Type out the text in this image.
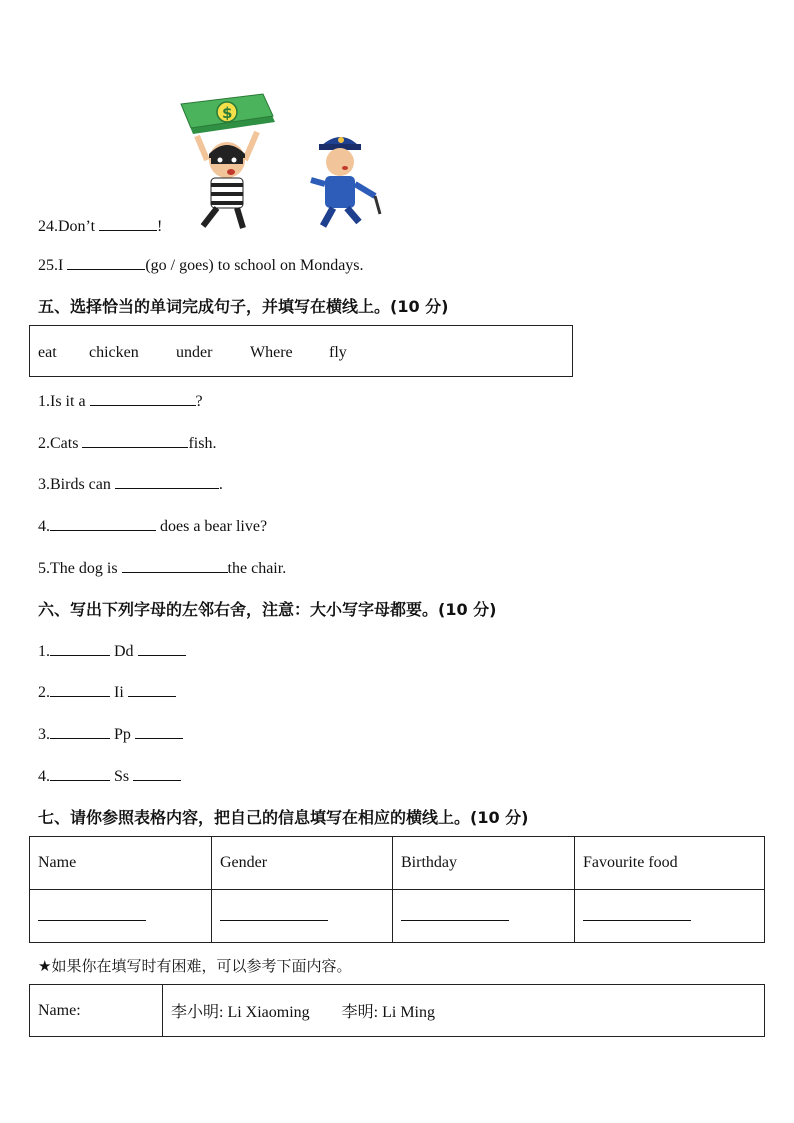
$
24.Don’t	!
25.I	(go / goes) to school on Mondays.
五、选择恰当的单词完成句子，并填写在横线上。(10 分)
eat chicken under Where fly
1.Is it a	?
2.Cats	fish.
3.Birds can	.
4.	does a bear live?
5.The dog is	the chair.
六、写出下列字母的左邻右舍，注意：大小写字母都要。(10 分)
1.	Dd
2.	Ii
3.	Pp
4.	Ss
七、请你参照表格内容，把自己的信息填写在相应的横线上。(10 分)
Name	Gender	Birthday	Favourite food

★如果你在填写时有困难，可以参考下面内容。
Name:	李小明: Li Xiaoming        李明: Li Ming
